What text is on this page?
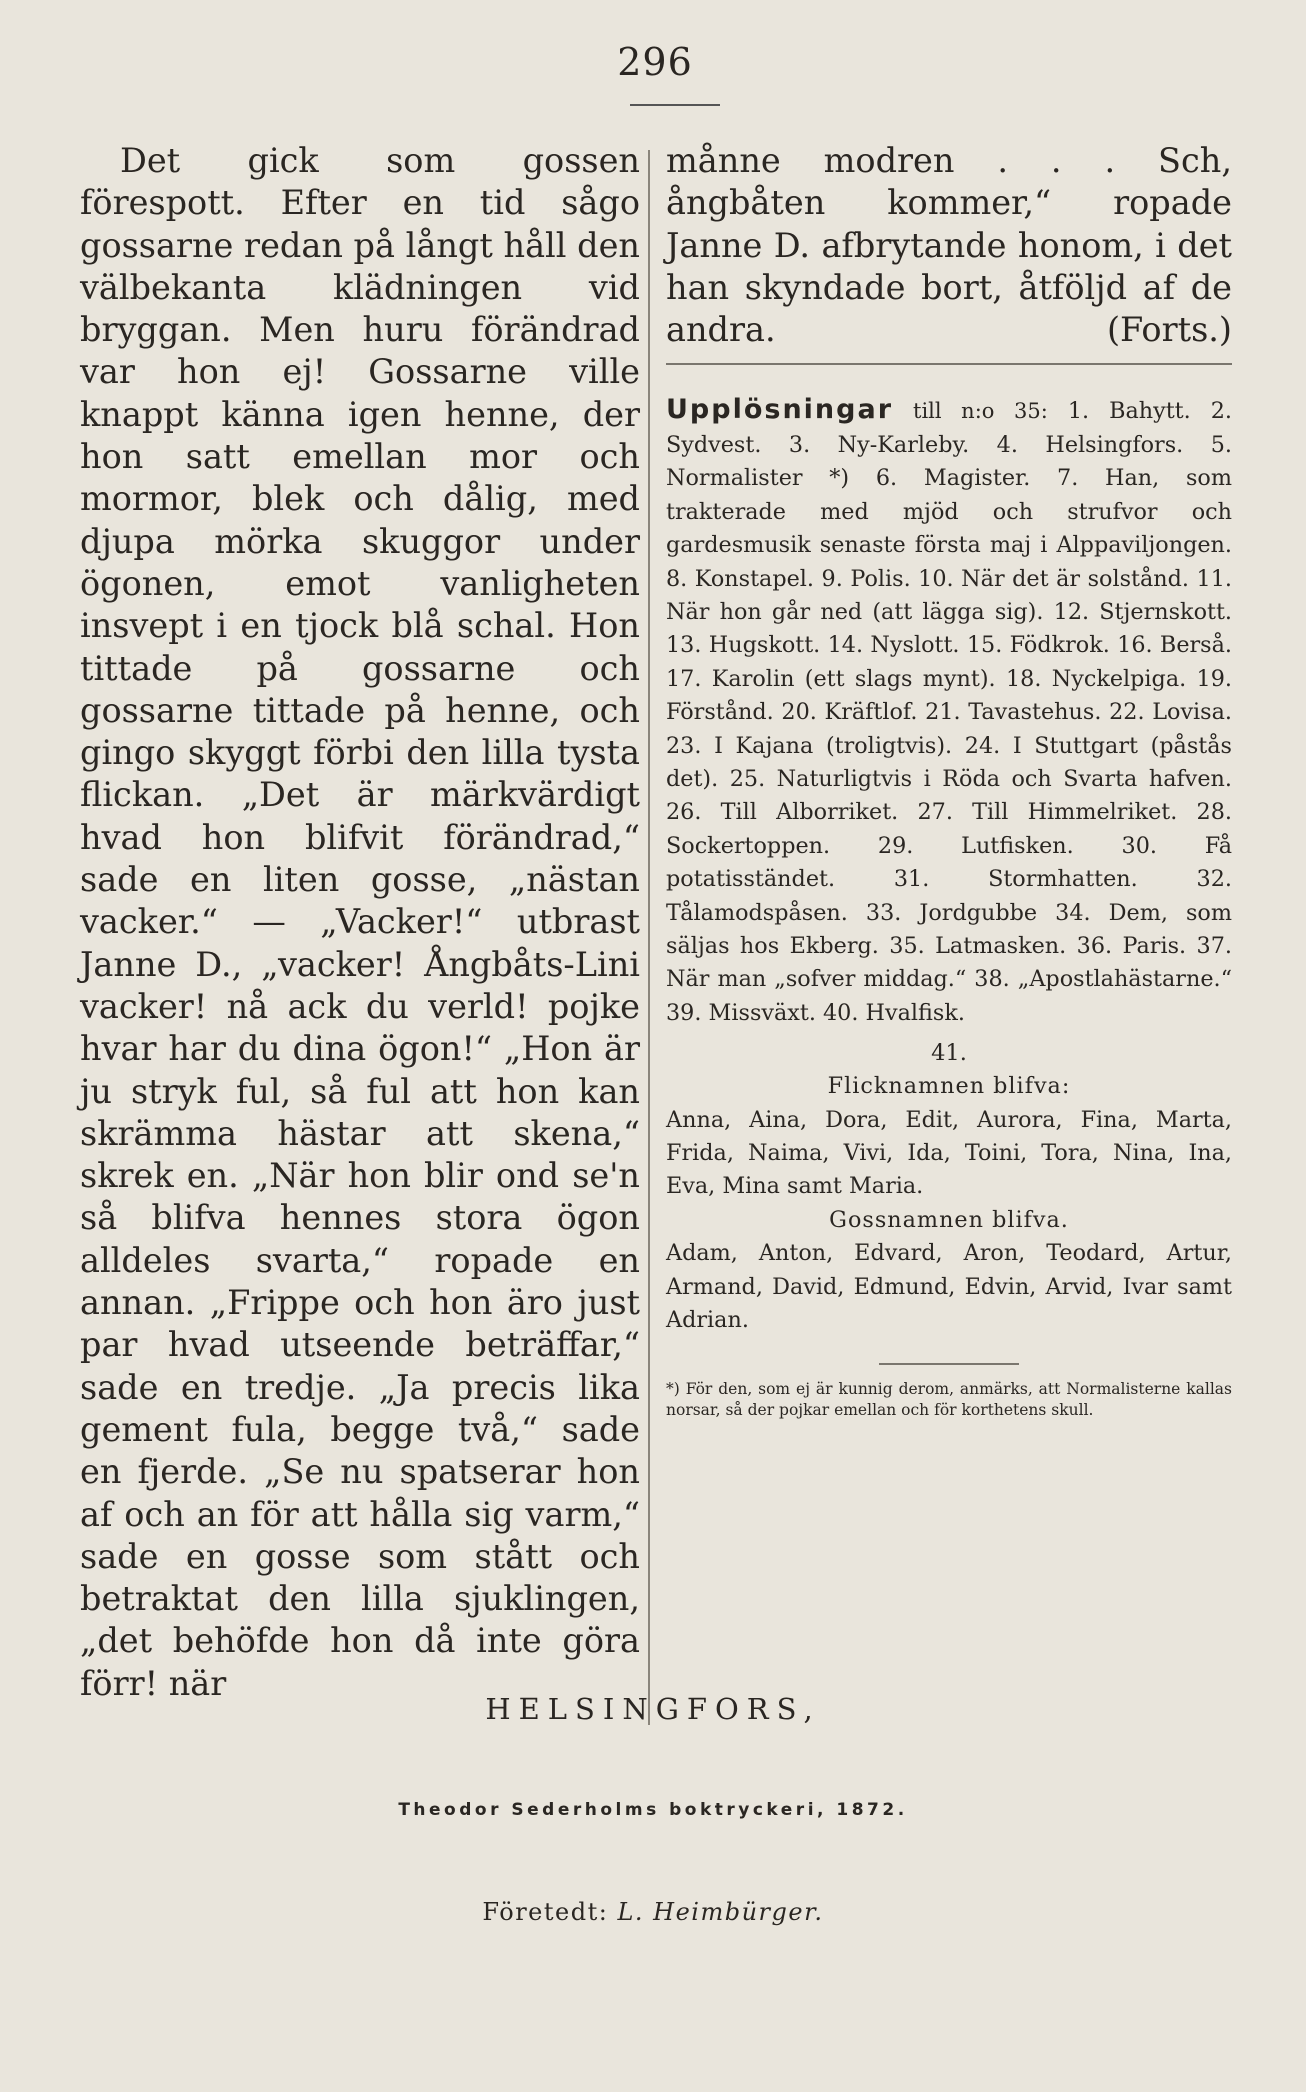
296

Det gick som gossen förespott. Efter en tid sågo gossarne redan på långt håll den välbekanta klädningen vid bryggan. Men huru förändrad var hon ej! Gossarne ville knappt känna igen henne, der hon satt emellan mor och mormor, blek och dålig, med djupa mörka skuggor under ögonen, emot vanligheten insvept i en tjock blå schal. Hon tittade på gossarne och gossarne tittade på henne, och gingo skyggt förbi den lilla tysta flickan. „Det är märkvärdigt hvad hon blifvit förändrad,“ sade en liten gosse, „nästan vacker.“ — „Vacker!“ utbrast Janne D., „vacker! Ångbåts-Lini vacker! nå ack du verld! pojke hvar har du dina ögon!“ „Hon är ju stryk ful, så ful att hon kan skrämma hästar att skena,“ skrek en. „När hon blir ond se'n så blifva hennes stora ögon alldeles svarta,“ ropade en annan. „Frippe och hon äro just par hvad utseende beträffar,“ sade en tredje. „Ja precis lika gement fula, begge två,“ sade en fjerde. „Se nu spatserar hon af och an för att hålla sig varm,“ sade en gosse som stått och betraktat den lilla sjuklingen, „det behöfde hon då inte göra förr! när

månne modren . . . Sch, ångbåten kommer,“ ropade Janne D. afbrytande honom, i det han skyndade bort, åtföljd af de andra.	(Forts.)

Upplösningar till n:o 35: 1. Bahytt. 2. Sydvest. 3. Ny-Karleby. 4. Helsingfors. 5. Normalister *) 6. Magister. 7. Han, som trakterade med mjöd och strufvor och gardesmusik senaste första maj i Alppaviljongen. 8. Konstapel. 9. Polis. 10. När det är solstånd. 11. När hon går ned (att lägga sig). 12. Stjernskott. 13. Hugskott. 14. Nyslott. 15. Födkrok. 16. Berså. 17. Karolin (ett slags mynt). 18. Nyckelpiga. 19. Förstånd. 20. Kräftlof. 21. Tavastehus. 22. Lovisa. 23. I Kajana (troligtvis). 24. I Stuttgart (påstås det). 25. Naturligtvis i Röda och Svarta hafven. 26. Till Alborriket. 27. Till Himmelriket. 28. Sockertoppen. 29. Lutfisken. 30. Få potatisständet. 31. Stormhatten. 32. Tålamodspåsen. 33. Jordgubbe 34. Dem, som säljas hos Ekberg. 35. Latmasken. 36. Paris. 37. När man „sofver middag.“ 38. „Apostlahästarne.“ 39. Missväxt. 40. Hvalfisk.

41.

Flicknamnen blifva:

Anna, Aina, Dora, Edit, Aurora, Fina, Marta, Frida, Naima, Vivi, Ida, Toini, Tora, Nina, Ina, Eva, Mina samt Maria.

Gossnamnen blifva.

Adam, Anton, Edvard, Aron, Teodard, Artur, Armand, David, Edmund, Edvin, Arvid, Ivar samt Adrian.

*) För den, som ej är kunnig derom, anmärks, att Normalisterne kallas norsar, så der pojkar emellan och för korthetens skull.

HELSINGFORS,
Theodor Sederholms boktryckeri, 1872.
Företedt: L. Heimbürger.
